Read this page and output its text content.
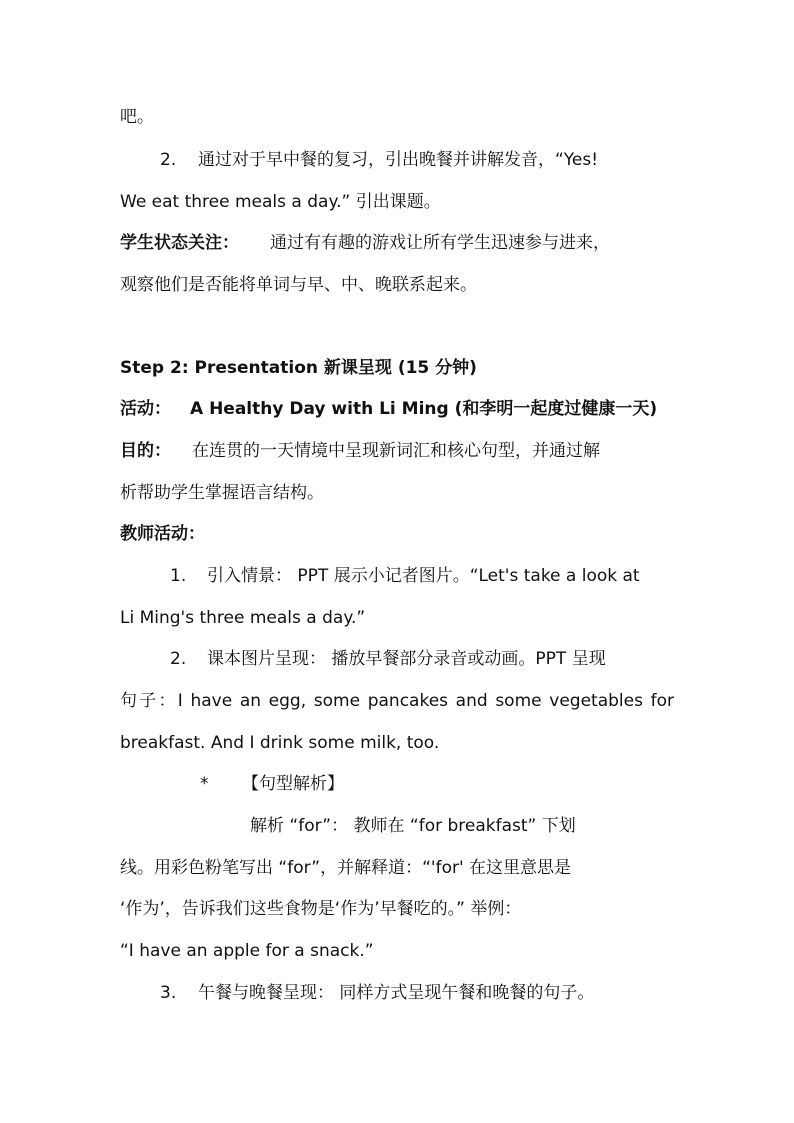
吧。
2. 通过对于早中餐的复习，引出晚餐并讲解发音，“Yes!
We eat three meals a day.” 引出课题。
学生状态关注： 通过有有趣的游戏让所有学生迅速参与进来，
观察他们是否能将单词与早、中、晚联系起来。
Step 2: Presentation 新课呈现 (15 分钟)
活动： A Healthy Day with Li Ming (和李明一起度过健康一天)
目的： 在连贯的一天情境中呈现新词汇和核心句型，并通过解
析帮助学生掌握语言结构。
教师活动：
1. 引入情景： PPT 展示小记者图片。“Let's take a look at
Li Ming's three meals a day.”
2. 课本图片呈现： 播放早餐部分录音或动画。PPT 呈现
句子：I have an egg, some pancakes and some vegetables for
breakfast. And I drink some milk, too.
* 【句型解析】
解析 “for”： 教师在 “for breakfast” 下划
线。用彩色粉笔写出 “for”，并解释道：“'for' 在这里意思是
‘作为’，告诉我们这些食物是‘作为’早餐吃的。” 举例：
“I have an apple for a snack.”
3. 午餐与晚餐呈现： 同样方式呈现午餐和晚餐的句子。
